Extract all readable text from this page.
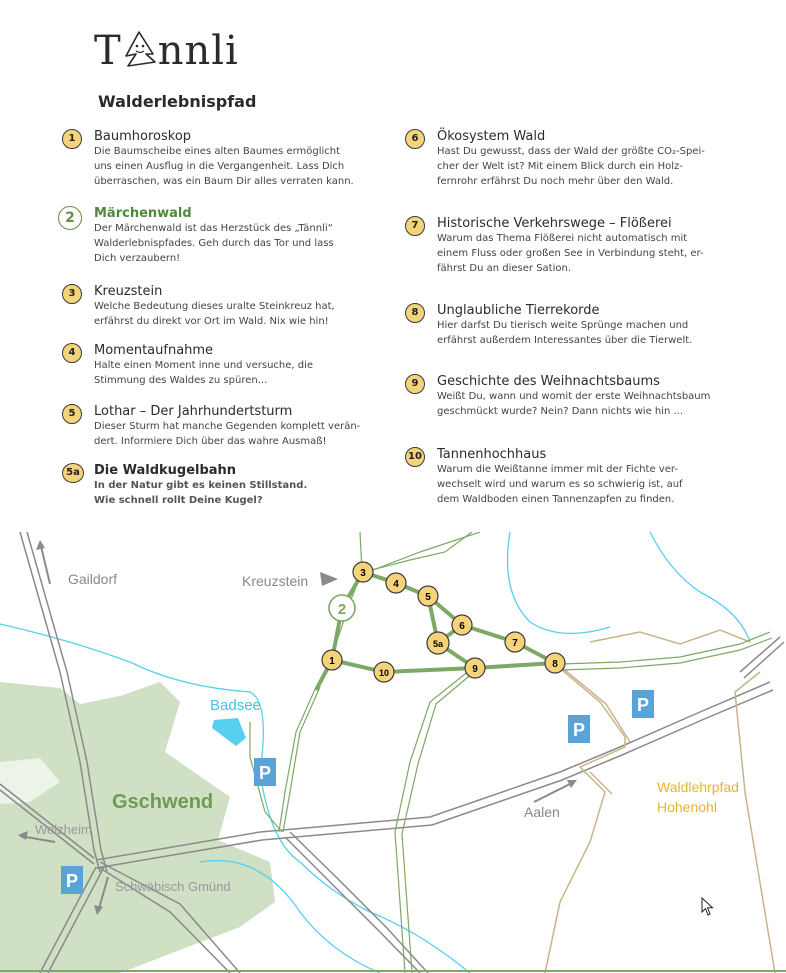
T nnli
Walderlebnispfad
1	Baumhoroskop
Die Baumscheibe eines alten Baumes ermöglicht
uns einen Ausflug in die Vergangenheit. Lass Dich
überraschen, was ein Baum Dir alles verraten kann.
2	Märchenwald
Der Märchenwald ist das Herzstück des „Tännli“
Walderlebnispfades. Geh durch das Tor und lass
Dich verzaubern!
3	Kreuzstein
Welche Bedeutung dieses uralte Steinkreuz hat,
erfährst du direkt vor Ort im Wald. Nix wie hin!
4	Momentaufnahme
Halte einen Moment inne und versuche, die
Stimmung des Waldes zu spüren...
5	Lothar – Der Jahrhundertsturm
Dieser Sturm hat manche Gegenden komplett verän-
dert. Informiere Dich über das wahre Ausmaß!
5a	Die Waldkugelbahn
In der Natur gibt es keinen Stillstand.
Wie schnell rollt Deine Kugel?
6	Ökosystem Wald
Hast Du gewusst, dass der Wald der größte CO₂-Spei-
cher der Welt ist? Mit einem Blick durch ein Holz-
fernrohr erfährst Du noch mehr über den Wald.
7	Historische Verkehrswege – Flößerei
Warum das Thema Flößerei nicht automatisch mit
einem Fluss oder großen See in Verbindung steht, er-
fährst Du an dieser Sation.
8	Unglaubliche Tierrekorde
Hier darfst Du tierisch weite Sprünge machen und
erfährst außerdem Interessantes über die Tierwelt.
9	Geschichte des Weihnachtsbaums
Weißt Du, wann und womit der erste Weihnachtsbaum
geschmückt wurde? Nein? Dann nichts wie hin ...
10 Tannenhochhaus
Warum die Weißtanne immer mit der Fichte ver-
wechselt wird und warum es so schwierig ist, auf
dem Waldboden einen Tannenzapfen zu finden.
Gaildorf	Kreuzstein
Badsee
Gschwend
Welzheim
Schwäbisch Gmünd
Aalen
Waldlehrpfad
Hohenohl
P
P
P
P
1
2
3
4
5
5a
6
7
8
9
10
